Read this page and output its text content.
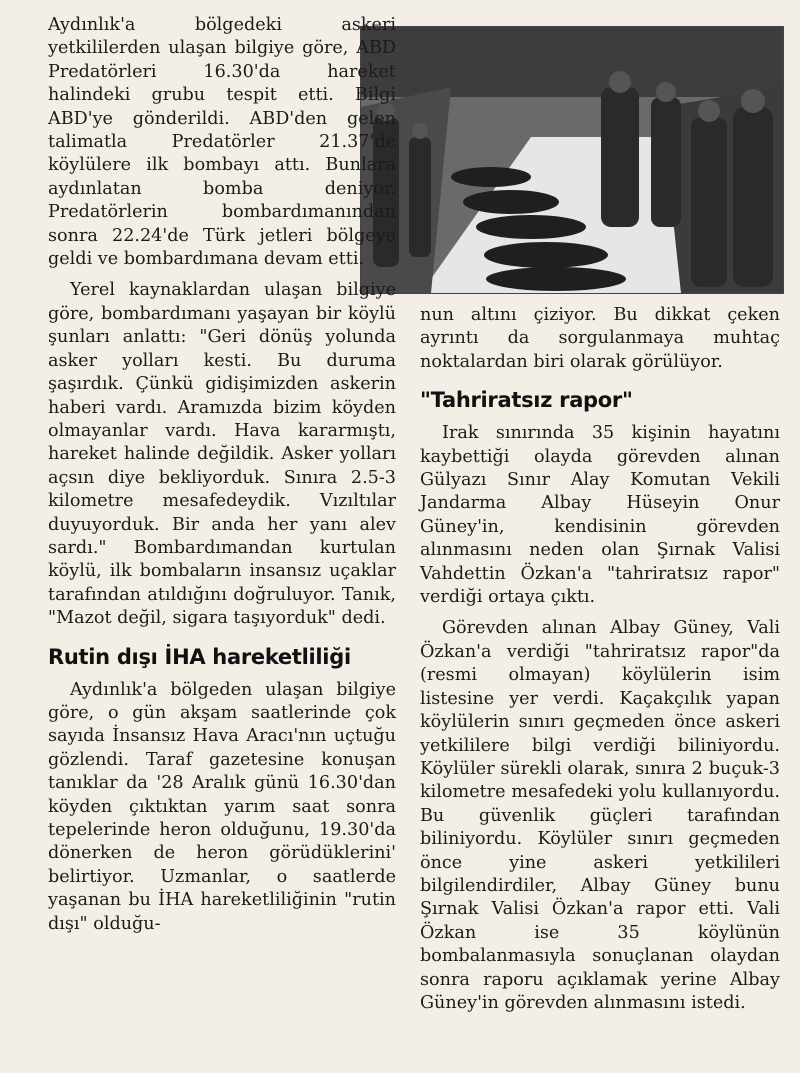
Aydınlık'a bölgedeki askeri yetkililerden ulaşan bilgiye göre, ABD Predatörleri 16.30'da hareket halindeki grubu tespit etti. Bilgi ABD'ye gönderildi. ABD'den gelen talimatla Predatörler 21.37'de köylülere ilk bombayı attı. Bunlara aydınlatan bomba deniyor. Predatörlerin bombardımanından sonra 22.24'de Türk jetleri bölgeye geldi ve bombardımana devam etti.

Yerel kaynaklardan ulaşan bilgiye göre, bombardımanı yaşayan bir köylü şunları anlattı: "Geri dönüş yolunda asker yolları kesti. Bu duruma şaşırdık. Çünkü gidişimizden askerin haberi vardı. Aramızda bizim köyden olmayanlar vardı. Hava kararmıştı, hareket halinde değildik. Asker yolları açsın diye bekliyorduk. Sınıra 2.5-3 kilometre mesafedeydik. Vızıltılar duyuyorduk. Bir anda her yanı alev sardı." Bombardımandan kurtulan köylü, ilk bombaların insansız uçaklar tarafından atıldığını doğruluyor. Tanık, "Mazot değil, sigara taşıyorduk" dedi.

Rutin dışı İHA hareketliliği

Aydınlık'a bölgeden ulaşan bilgiye göre, o gün akşam saatlerinde çok sayıda İnsansız Hava Aracı'nın uçtuğu gözlendi. Taraf gazetesine konuşan tanıklar da '28 Aralık günü 16.30'dan köyden çıktıktan yarım saat sonra tepelerinde heron olduğunu, 19.30'da dönerken de heron görüdüklerini' belirtiyor. Uzmanlar, o saatlerde yaşanan bu İHA hareketliliğinin "rutin dışı" olduğu-

nun altını çiziyor. Bu dikkat çeken ayrıntı da sorgulanmaya muhtaç noktalardan biri olarak görülüyor.

"Tahriratsız rapor"

Irak sınırında 35 kişinin hayatını kaybettiği olayda görevden alınan Gülyazı Sınır Alay Komutan Vekili Jandarma Albay Hüseyin Onur Güney'in, kendisinin görevden alınmasını neden olan Şırnak Valisi Vahdettin Özkan'a "tahriratsız rapor" verdiği ortaya çıktı.

Görevden alınan Albay Güney, Vali Özkan'a verdiği "tahriratsız rapor"da (resmi olmayan) köylülerin isim listesine yer verdi. Kaçakçılık yapan köylülerin sınırı geçmeden önce askeri yetkililere bilgi verdiği biliniyordu. Köylüler sürekli olarak, sınıra 2 buçuk-3 kilometre mesafedeki yolu kullanıyordu. Bu güvenlik güçleri tarafından biliniyordu. Köylüler sınırı geçmeden önce yine askeri yetkilileri bilgilendirdiler, Albay Güney bunu Şırnak Valisi Özkan'a rapor etti. Vali Özkan ise 35 köylünün bombalanmasıyla sonuçlanan olaydan sonra raporu açıklamak yerine Albay Güney'in görevden alınmasını istedi.
